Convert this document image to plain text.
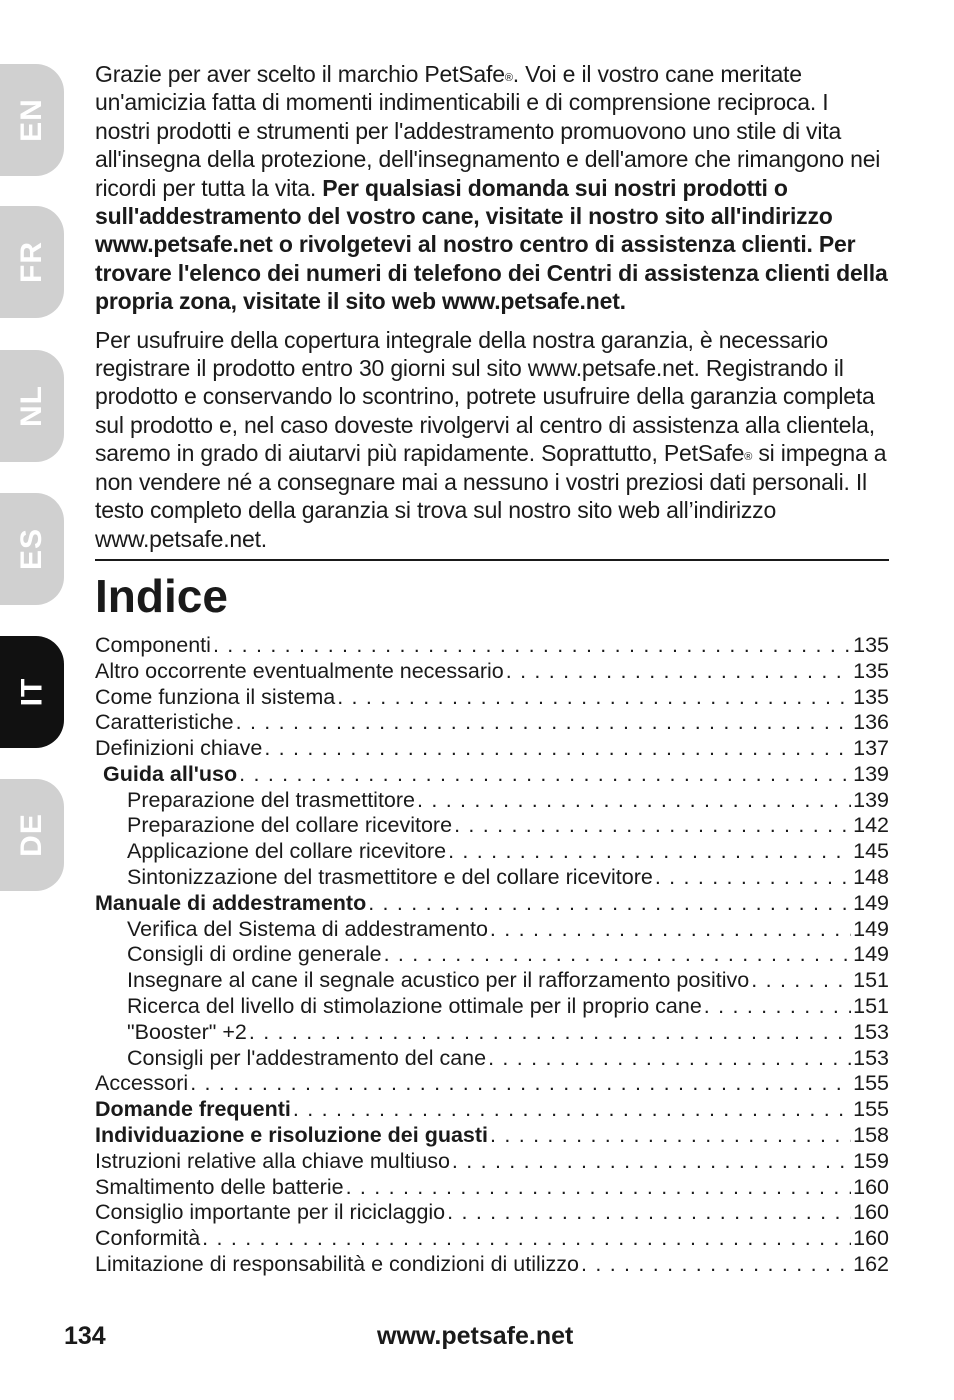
EN
FR
NL
ES
IT
DE

Grazie per aver scelto il marchio PetSafe®. Voi e il vostro cane meritate un'amicizia fatta di momenti indimenticabili e di comprensione reciproca. I nostri prodotti e strumenti per l'addestramento promuovono uno stile di vita all'insegna della protezione, dell'insegnamento e dell'amore che rimangono nei ricordi per tutta la vita. Per qualsiasi domanda sui nostri prodotti o sull'addestramento del vostro cane, visitate il nostro sito all'indirizzo www.petsafe.net o rivolgetevi al nostro centro di assistenza clienti. Per trovare l'elenco dei numeri di telefono dei Centri di assistenza clienti della propria zona, visitate il sito web www.petsafe.net.

Per usufruire della copertura integrale della nostra garanzia, è necessario registrare il prodotto entro 30 giorni sul sito www.petsafe.net. Registrando il prodotto e conservando lo scontrino, potrete usufruire della garanzia completa sul prodotto e, nel caso doveste rivolgervi al centro di assistenza alla clientela, saremo in grado di aiutarvi più rapidamente. Soprattutto, PetSafe® si impegna a non vendere né a consegnare mai a nessuno i vostri preziosi dati personali. Il testo completo della garanzia si trova sul nostro sito web all’indirizzo www.petsafe.net.

Indice
Componenti . . .	135
Altro occorrente eventualmente necessario . . .	135
Come funziona il sistema . . .	135
Caratteristiche . . .	136
Definizioni chiave . . .	137
Guida all'uso . . .	139
Preparazione del trasmettitore . . .	139
Preparazione del collare ricevitore . . .	142
Applicazione del collare ricevitore . . .	145
Sintonizzazione del trasmettitore e del collare ricevitore . . .	148
Manuale di addestramento . . .	149
Verifica del Sistema di addestramento . . .	149
Consigli di ordine generale . . .	149
Insegnare al cane il segnale acustico per il rafforzamento positivo . . .	151
Ricerca del livello di stimolazione ottimale per il proprio cane . . .	151
"Booster" +2 . . .	153
Consigli per l'addestramento del cane . . .	153
Accessori . . .	155
Domande frequenti . . .	155
Individuazione e risoluzione dei guasti . . .	158
Istruzioni relative alla chiave multiuso . . .	159
Smaltimento delle batterie . . .	160
Consiglio importante per il riciclaggio . . .	160
Conformità . . .	160
Limitazione di responsabilità e condizioni di utilizzo . . .	162
134	www.petsafe.net
